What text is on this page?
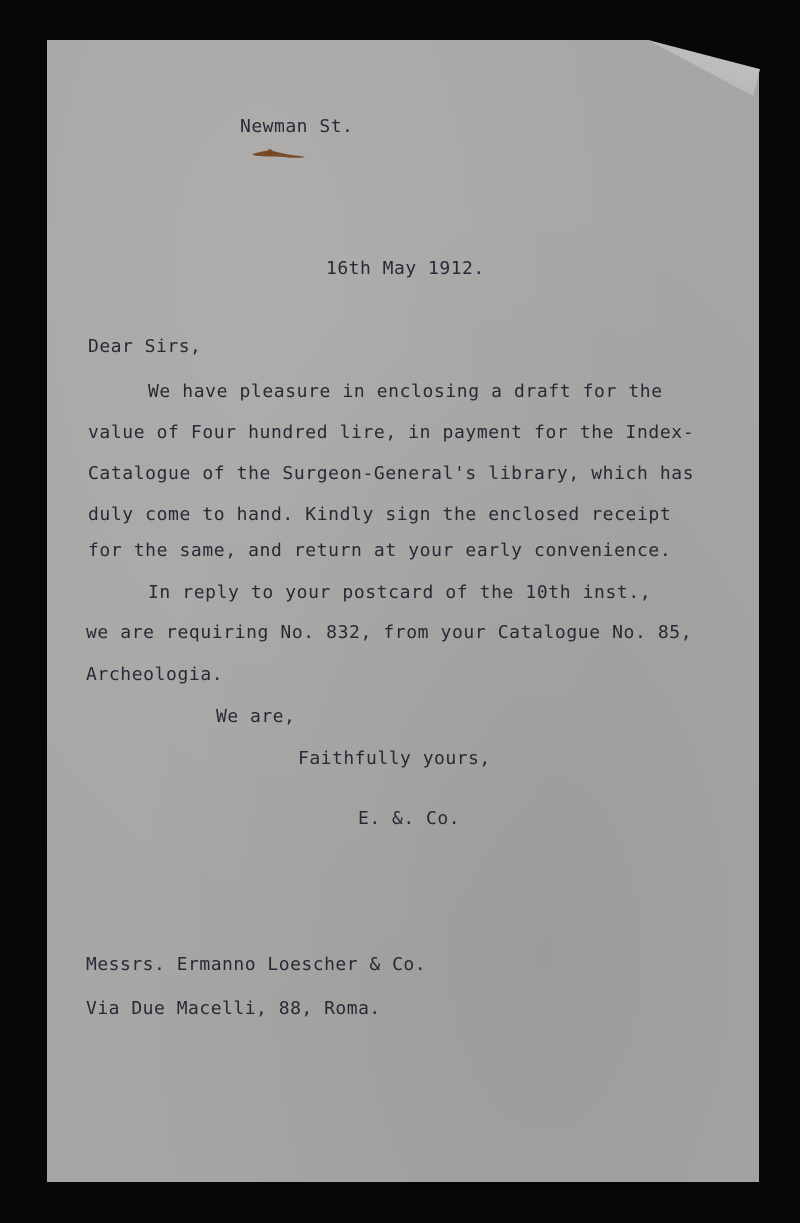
Newman St.
16th May 1912.
Dear Sirs,
We have pleasure in enclosing a draft for the
value of Four hundred lire, in payment for the Index-
Catalogue of the Surgeon-General's library, which has
duly come to hand. Kindly sign the enclosed receipt
for the same, and return at your early convenience.
In reply to your postcard of the 10th inst.,
we are requiring No. 832, from your Catalogue No. 85,
Archeologia.
We are,
Faithfully yours,
E. &. Co.
Messrs. Ermanno Loescher & Co.
Via Due Macelli, 88, Roma.
